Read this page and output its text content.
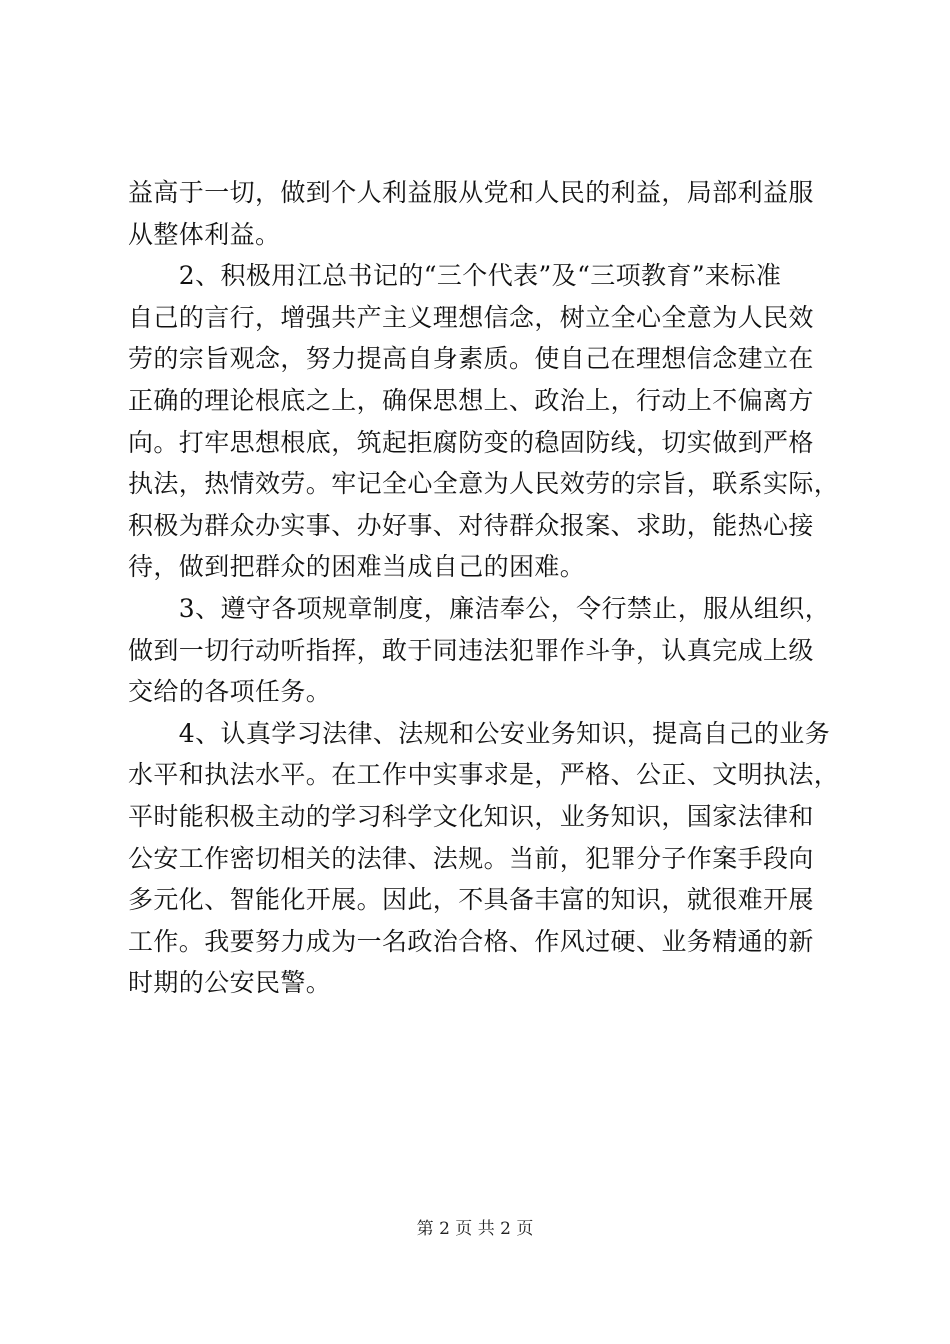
益高于一切，做到个人利益服从党和人民的利益，局部利益服
从整体利益。
　　2、积极用江总书记的“三个代表”及“三项教育”来标准
自己的言行，增强共产主义理想信念，树立全心全意为人民效
劳的宗旨观念，努力提高自身素质。使自己在理想信念建立在
正确的理论根底之上，确保思想上、政治上，行动上不偏离方
向。打牢思想根底，筑起拒腐防变的稳固防线，切实做到严格
执法，热情效劳。牢记全心全意为人民效劳的宗旨，联系实际，
积极为群众办实事、办好事、对待群众报案、求助，能热心接
待，做到把群众的困难当成自己的困难。
　　3、遵守各项规章制度，廉洁奉公，令行禁止，服从组织，
做到一切行动听指挥，敢于同违法犯罪作斗争，认真完成上级
交给的各项任务。
　　4、认真学习法律、法规和公安业务知识，提高自己的业务
水平和执法水平。在工作中实事求是，严格、公正、文明执法，
平时能积极主动的学习科学文化知识，业务知识，国家法律和
公安工作密切相关的法律、法规。当前，犯罪分子作案手段向
多元化、智能化开展。因此，不具备丰富的知识，就很难开展
工作。我要努力成为一名政治合格、作风过硬、业务精通的新
时期的公安民警。
第 2 页 共 2 页
